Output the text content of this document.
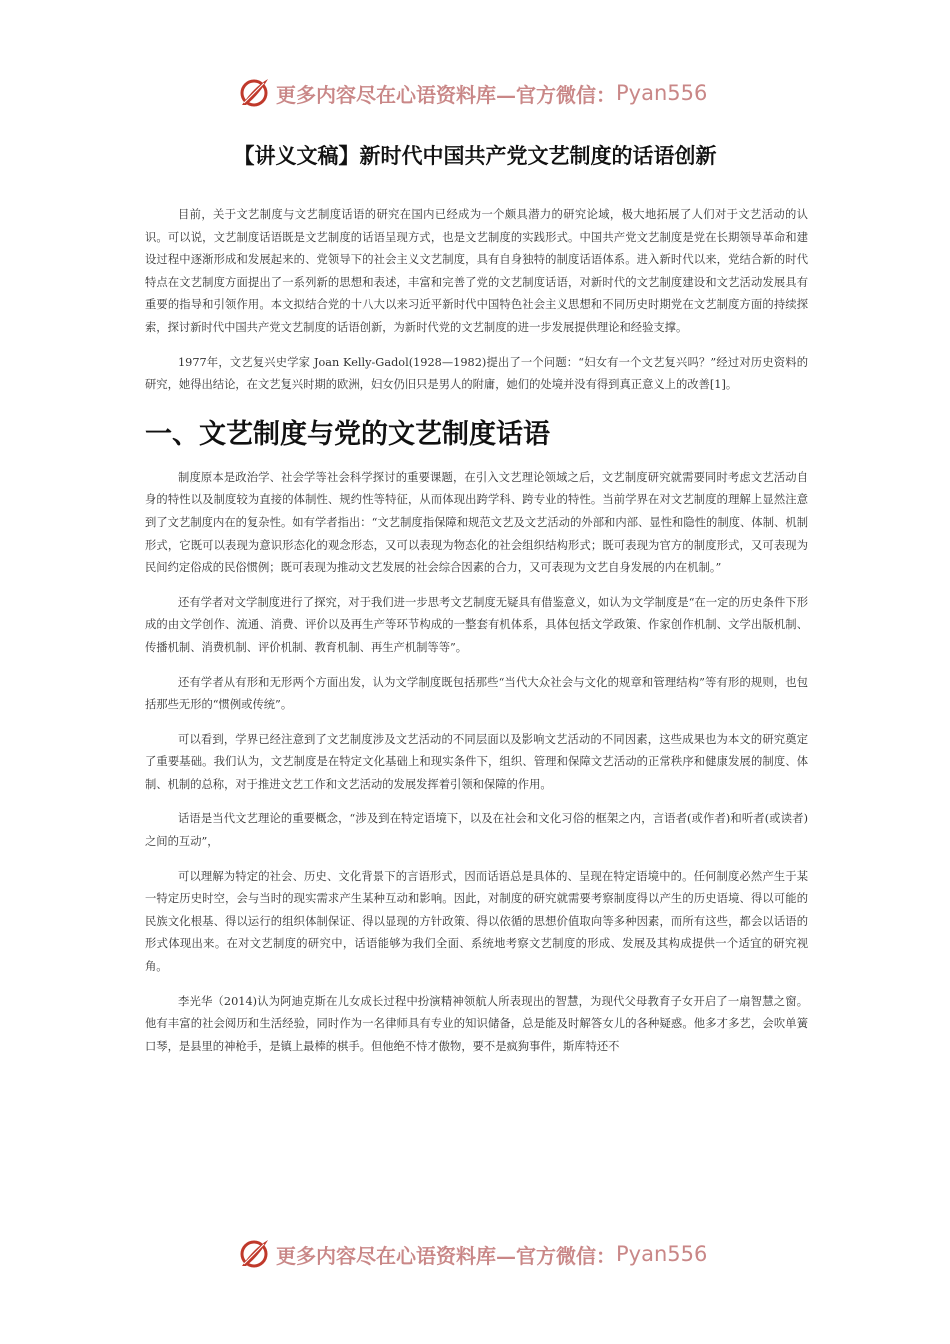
更多内容尽在心语资料库—官方微信： Pyan556
【讲义文稿】新时代中国共产党文艺制度的话语创新

目前，关于文艺制度与文艺制度话语的研究在国内已经成为一个颇具潜力的研究论域，极大地拓展了人们对于文艺活动的认识。可以说，文艺制度话语既是文艺制度的话语呈现方式，也是文艺制度的实践形式。中国共产党文艺制度是党在长期领导革命和建设过程中逐渐形成和发展起来的、党领导下的社会主义文艺制度，具有自身独特的制度话语体系。进入新时代以来，党结合新的时代特点在文艺制度方面提出了一系列新的思想和表述，丰富和完善了党的文艺制度话语，对新时代的文艺制度建设和文艺活动发展具有重要的指导和引领作用。本文拟结合党的十八大以来习近平新时代中国特色社会主义思想和不同历史时期党在文艺制度方面的持续探索，探讨新时代中国共产党文艺制度的话语创新，为新时代党的文艺制度的进一步发展提供理论和经验支撑。

1977年，文艺复兴史学家 Joan Kelly-Gadol(1928—1982)提出了一个问题：“妇女有一个文艺复兴吗？”经过对历史资料的研究，她得出结论，在文艺复兴时期的欧洲，妇女仍旧只是男人的附庸，她们的处境并没有得到真正意义上的改善[1]。

一、文艺制度与党的文艺制度话语

制度原本是政治学、社会学等社会科学探讨的重要课题，在引入文艺理论领域之后，文艺制度研究就需要同时考虑文艺活动自身的特性以及制度较为直接的体制性、规约性等特征，从而体现出跨学科、跨专业的特性。当前学界在对文艺制度的理解上显然注意到了文艺制度内在的复杂性。如有学者指出：“文艺制度指保障和规范文艺及文艺活动的外部和内部、显性和隐性的制度、体制、机制形式，它既可以表现为意识形态化的观念形态，又可以表现为物态化的社会组织结构形式；既可表现为官方的制度形式，又可表现为民间约定俗成的民俗惯例；既可表现为推动文艺发展的社会综合因素的合力，又可表现为文艺自身发展的内在机制。”

还有学者对文学制度进行了探究，对于我们进一步思考文艺制度无疑具有借鉴意义，如认为文学制度是“在一定的历史条件下形成的由文学创作、流通、消费、评价以及再生产等环节构成的一整套有机体系，具体包括文学政策、作家创作机制、文学出版机制、传播机制、消费机制、评价机制、教育机制、再生产机制等等”。

还有学者从有形和无形两个方面出发，认为文学制度既包括那些“当代大众社会与文化的规章和管理结构”等有形的规则，也包括那些无形的“惯例或传统”。

可以看到，学界已经注意到了文艺制度涉及文艺活动的不同层面以及影响文艺活动的不同因素，这些成果也为本文的研究奠定了重要基础。我们认为，文艺制度是在特定文化基础上和现实条件下，组织、管理和保障文艺活动的正常秩序和健康发展的制度、体制、机制的总称，对于推进文艺工作和文艺活动的发展发挥着引领和保障的作用。

话语是当代文艺理论的重要概念，“涉及到在特定语境下，以及在社会和文化习俗的框架之内，言语者(或作者)和听者(或读者)之间的互动”，

可以理解为特定的社会、历史、文化背景下的言语形式，因而话语总是具体的、呈现在特定语境中的。任何制度必然产生于某一特定历史时空，会与当时的现实需求产生某种互动和影响。因此，对制度的研究就需要考察制度得以产生的历史语境、得以可能的民族文化根基、得以运行的组织体制保证、得以显现的方针政策、得以依循的思想价值取向等多种因素，而所有这些，都会以话语的形式体现出来。在对文艺制度的研究中，话语能够为我们全面、系统地考察文艺制度的形成、发展及其构成提供一个适宜的研究视角。

李光华（2014)认为阿迪克斯在儿女成长过程中扮演精神领航人所表现出的智慧，为现代父母教育子女开启了一扇智慧之窗。他有丰富的社会阅历和生活经验，同时作为一名律师具有专业的知识储备，总是能及时解答女儿的各种疑惑。他多才多艺，会吹单簧口琴，是县里的神枪手，是镇上最棒的棋手。但他绝不恃才傲物，要不是疯狗事件，斯库特还不

更多内容尽在心语资料库—官方微信： Pyan556
